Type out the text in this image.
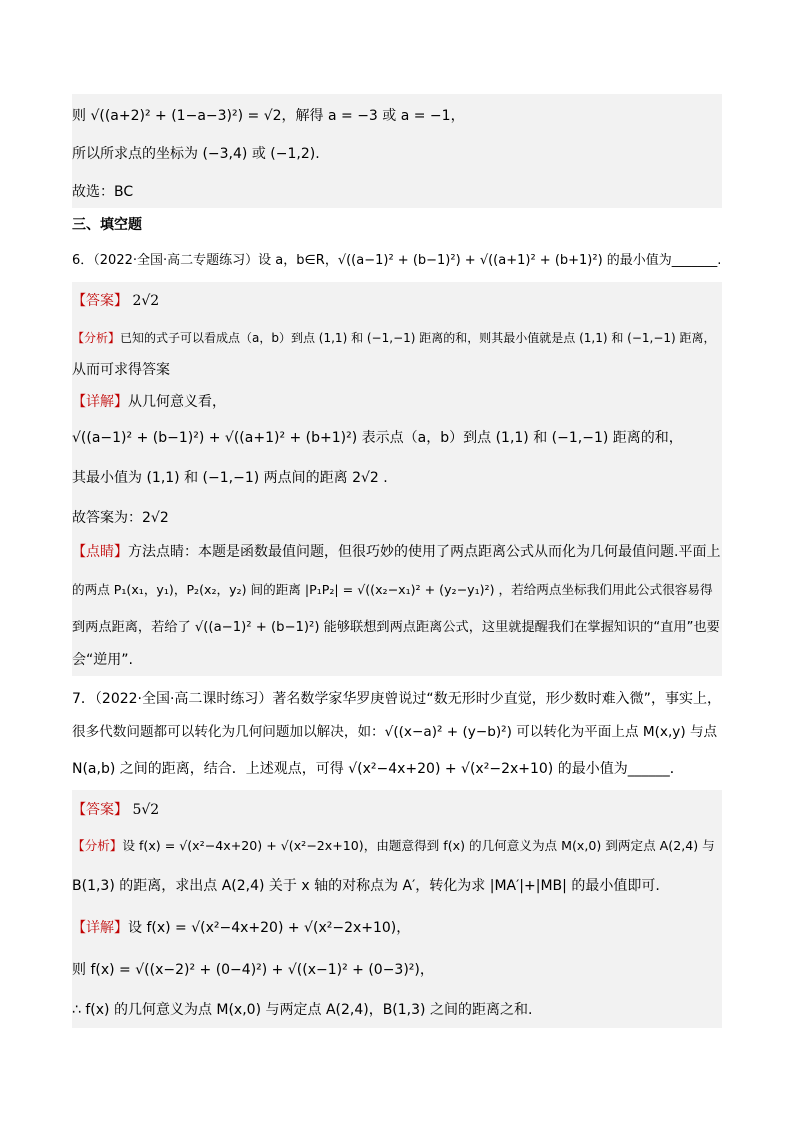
则 √((a+2)² + (1−a−3)²) = √2，解得 a = −3 或 a = −1，
所以所求点的坐标为 (−3,4) 或 (−1,2).
故选：BC
三、填空题
6．（2022·全国·高二专题练习）设 a，b∈R，√((a−1)² + (b−1)²) + √((a+1)² + (b+1)²) 的最小值为_______.
【答案】 2√2
【分析】已知的式子可以看成点（a，b）到点 (1,1) 和 (−1,−1) 距离的和，则其最小值就是点 (1,1) 和 (−1,−1) 距离，
从而可求得答案
【详解】从几何意义看，
√((a−1)² + (b−1)²) + √((a+1)² + (b+1)²) 表示点（a，b）到点 (1,1) 和 (−1,−1) 距离的和，
其最小值为 (1,1) 和 (−1,−1) 两点间的距离 2√2 .
故答案为：2√2
【点睛】方法点睛：本题是函数最值问题，但很巧妙的使用了两点距离公式从而化为几何最值问题.平面上
的两点 P₁(x₁，y₁)，P₂(x₂，y₂) 间的距离 |P₁P₂| = √((x₂−x₁)² + (y₂−y₁)²) ，若给两点坐标我们用此公式很容易得
到两点距离，若给了 √((a−1)² + (b−1)²) 能够联想到两点距离公式，这里就提醒我们在掌握知识的“直用”也要
会“逆用”.
7．（2022·全国·高二课时练习）著名数学家华罗庚曾说过“数无形时少直觉，形少数时难入微”，事实上，
很多代数问题都可以转化为几何问题加以解决，如：√((x−a)² + (y−b)²) 可以转化为平面上点 M(x,y) 与点
N(a,b) 之间的距离，结合．上述观点，可得 √(x²−4x+20) + √(x²−2x+10) 的最小值为______．
【答案】 5√2
【分析】设 f(x) = √(x²−4x+20) + √(x²−2x+10)，由题意得到 f(x) 的几何意义为点 M(x,0) 到两定点 A(2,4) 与
B(1,3) 的距离，求出点 A(2,4) 关于 x 轴的对称点为 A′，转化为求 |MA′|+|MB| 的最小值即可.
【详解】设 f(x) = √(x²−4x+20) + √(x²−2x+10)，
则 f(x) = √((x−2)² + (0−4)²) + √((x−1)² + (0−3)²)，
∴ f(x) 的几何意义为点 M(x,0) 与两定点 A(2,4)，B(1,3) 之间的距离之和.
